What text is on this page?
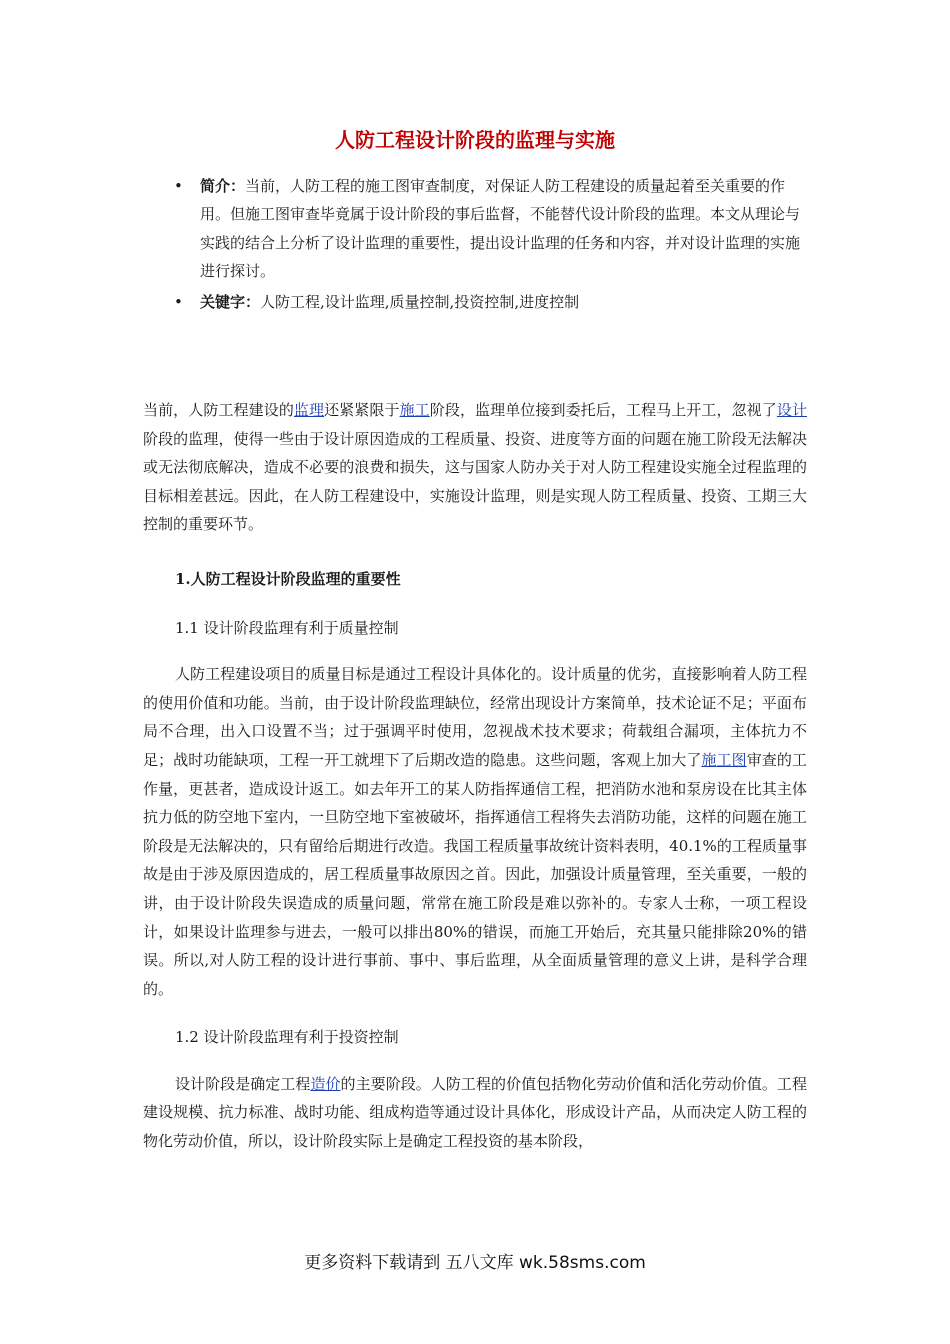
人防工程设计阶段的监理与实施
• 简介：当前，人防工程的施工图审查制度，对保证人防工程建设的质量起着至关重要的作用。但施工图审查毕竟属于设计阶段的事后监督，不能替代设计阶段的监理。本文从理论与实践的结合上分析了设计监理的重要性，提出设计监理的任务和内容，并对设计监理的实施进行探讨。
• 关键字：人防工程,设计监理,质量控制,投资控制,进度控制

当前，人防工程建设的监理还紧紧限于施工阶段，监理单位接到委托后，工程马上开工，忽视了设计阶段的监理，使得一些由于设计原因造成的工程质量、投资、进度等方面的问题在施工阶段无法解决或无法彻底解决，造成不必要的浪费和损失，这与国家人防办关于对人防工程建设实施全过程监理的目标相差甚远。因此，在人防工程建设中，实施设计监理，则是实现人防工程质量、投资、工期三大控制的重要环节。

1.人防工程设计阶段监理的重要性

1.1 设计阶段监理有利于质量控制

人防工程建设项目的质量目标是通过工程设计具体化的。设计质量的优劣，直接影响着人防工程的使用价值和功能。当前，由于设计阶段监理缺位，经常出现设计方案简单，技术论证不足；平面布局不合理，出入口设置不当；过于强调平时使用，忽视战术技术要求；荷载组合漏项，主体抗力不足；战时功能缺项，工程一开工就埋下了后期改造的隐患。这些问题，客观上加大了施工图审查的工作量，更甚者，造成设计返工。如去年开工的某人防指挥通信工程，把消防水池和泵房设在比其主体抗力低的防空地下室内，一旦防空地下室被破坏，指挥通信工程将失去消防功能，这样的问题在施工阶段是无法解决的，只有留给后期进行改造。我国工程质量事故统计资料表明，40.1%的工程质量事故是由于涉及原因造成的，居工程质量事故原因之首。因此，加强设计质量管理，至关重要，一般的讲，由于设计阶段失误造成的质量问题，常常在施工阶段是难以弥补的。专家人士称，一项工程设计，如果设计监理参与进去，一般可以排出80%的错误，而施工开始后，充其量只能排除20%的错误。所以,对人防工程的设计进行事前、事中、事后监理，从全面质量管理的意义上讲，是科学合理的。

1.2 设计阶段监理有利于投资控制

设计阶段是确定工程造价的主要阶段。人防工程的价值包括物化劳动价值和活化劳动价值。工程建设规模、抗力标准、战时功能、组成构造等通过设计具体化，形成设计产品，从而决定人防工程的物化劳动价值，所以，设计阶段实际上是确定工程投资的基本阶段，

更多资料下载请到 五八文库 wk.58sms.com
